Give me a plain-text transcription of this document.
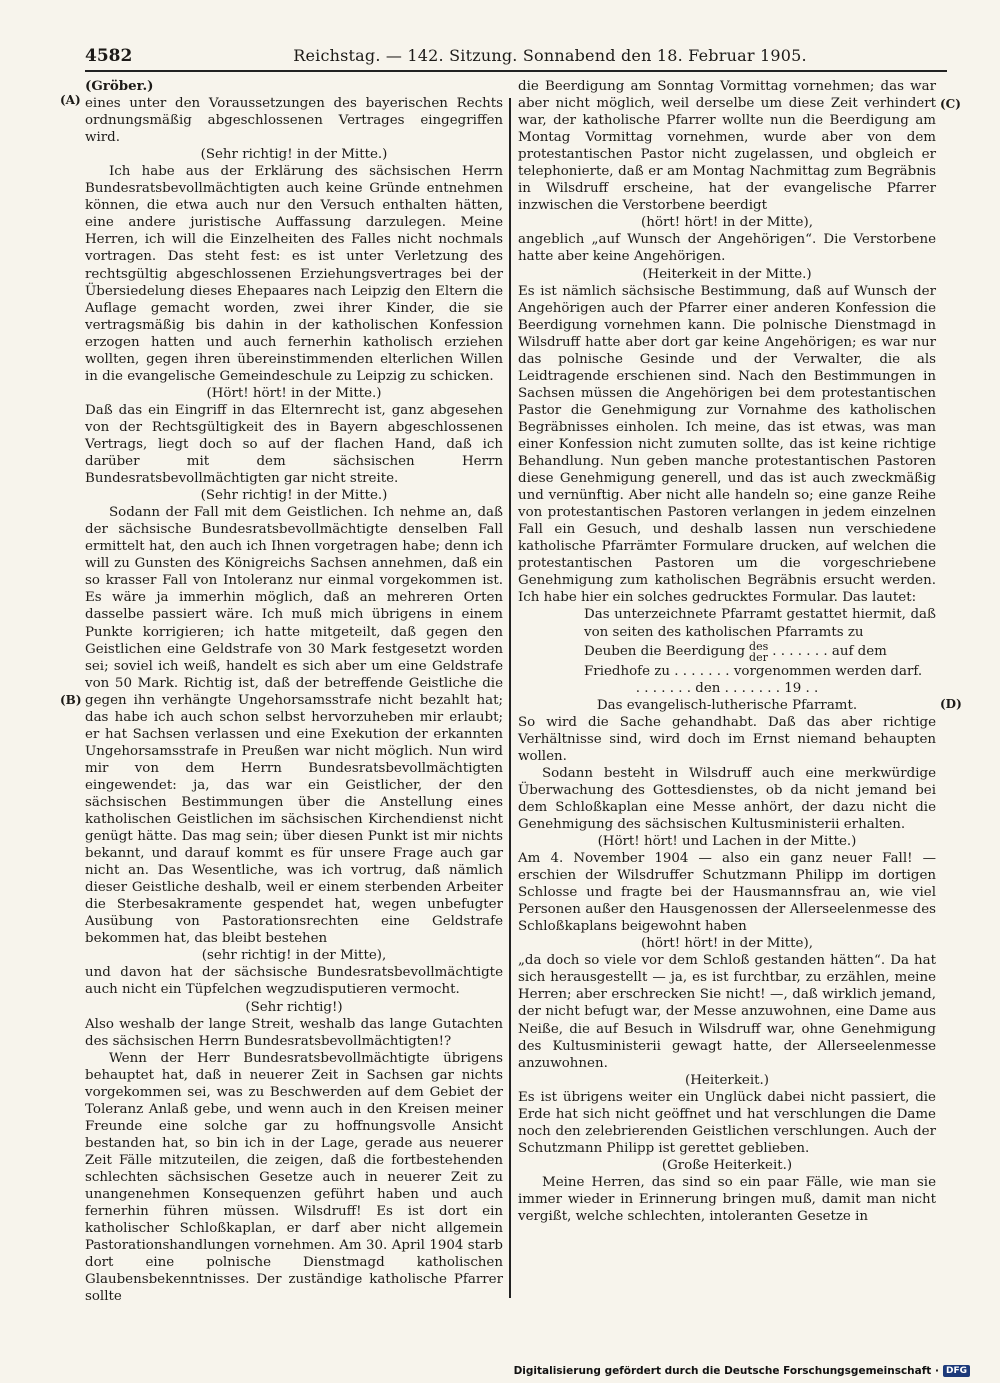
4582	Reichstag. — 142. Sitzung. Sonnabend den 18. Februar 1905.
(A)
(B)
(C)
(D)

(Gröber.)

eines unter den Voraussetzungen des bayerischen Rechts ordnungsmäßig abgeschlossenen Vertrages eingegriffen wird.

(Sehr richtig! in der Mitte.)

Ich habe aus der Erklärung des sächsischen Herrn Bundesratsbevollmächtigten auch keine Gründe entnehmen können, die etwa auch nur den Versuch enthalten hätten, eine andere juristische Auffassung darzulegen. Meine Herren, ich will die Einzelheiten des Falles nicht nochmals vortragen. Das steht fest: es ist unter Verletzung des rechtsgültig abgeschlossenen Erziehungsvertrages bei der Übersiedelung dieses Ehepaares nach Leipzig den Eltern die Auflage gemacht worden, zwei ihrer Kinder, die sie vertragsmäßig bis dahin in der katholischen Konfession erzogen hatten und auch fernerhin katholisch erziehen wollten, gegen ihren übereinstimmenden elterlichen Willen in die evangelische Gemeindeschule zu Leipzig zu schicken.

(Hört! hört! in der Mitte.)

Daß das ein Eingriff in das Elternrecht ist, ganz abgesehen von der Rechtsgültigkeit des in Bayern abgeschlossenen Vertrags, liegt doch so auf der flachen Hand, daß ich darüber mit dem sächsischen Herrn Bundesratsbevollmächtigten gar nicht streite.

(Sehr richtig! in der Mitte.)

Sodann der Fall mit dem Geistlichen. Ich nehme an, daß der sächsische Bundesratsbevollmächtigte denselben Fall ermittelt hat, den auch ich Ihnen vorgetragen habe; denn ich will zu Gunsten des Königreichs Sachsen annehmen, daß ein so krasser Fall von Intoleranz nur einmal vorgekommen ist. Es wäre ja immerhin möglich, daß an mehreren Orten dasselbe passiert wäre. Ich muß mich übrigens in einem Punkte korrigieren; ich hatte mitgeteilt, daß gegen den Geistlichen eine Geldstrafe von 30 Mark festgesetzt worden sei; soviel ich weiß, handelt es sich aber um eine Geldstrafe von 50 Mark. Richtig ist, daß der betreffende Geistliche die gegen ihn verhängte Ungehorsamsstrafe nicht bezahlt hat; das habe ich auch schon selbst hervorzuheben mir erlaubt; er hat Sachsen verlassen und eine Exekution der erkannten Ungehorsamsstrafe in Preußen war nicht möglich. Nun wird mir von dem Herrn Bundesratsbevollmächtigten eingewendet: ja, das war ein Geistlicher, der den sächsischen Bestimmungen über die Anstellung eines katholischen Geistlichen im sächsischen Kirchendienst nicht genügt hätte. Das mag sein; über diesen Punkt ist mir nichts bekannt, und darauf kommt es für unsere Frage auch gar nicht an. Das Wesentliche, was ich vortrug, daß nämlich dieser Geistliche deshalb, weil er einem sterbenden Arbeiter die Sterbesakramente gespendet hat, wegen unbefugter Ausübung von Pastorationsrechten eine Geldstrafe bekommen hat, das bleibt bestehen

(sehr richtig! in der Mitte),

und davon hat der sächsische Bundesratsbevollmächtigte auch nicht ein Tüpfelchen wegzudisputieren vermocht.

(Sehr richtig!)

Also weshalb der lange Streit, weshalb das lange Gutachten des sächsischen Herrn Bundesratsbevollmächtigten!?

Wenn der Herr Bundesratsbevollmächtigte übrigens behauptet hat, daß in neuerer Zeit in Sachsen gar nichts vorgekommen sei, was zu Beschwerden auf dem Gebiet der Toleranz Anlaß gebe, und wenn auch in den Kreisen meiner Freunde eine solche gar zu hoffnungsvolle Ansicht bestanden hat, so bin ich in der Lage, gerade aus neuerer Zeit Fälle mitzuteilen, die zeigen, daß die fortbestehenden schlechten sächsischen Gesetze auch in neuerer Zeit zu unangenehmen Konsequenzen geführt haben und auch fernerhin führen müssen. Wilsdruff! Es ist dort ein katholischer Schloßkaplan, er darf aber nicht allgemein Pastorationshandlungen vornehmen. Am 30. April 1904 starb dort eine polnische Dienstmagd katholischen Glaubensbekenntnisses. Der zuständige katholische Pfarrer sollte

die Beerdigung am Sonntag Vormittag vornehmen; das war aber nicht möglich, weil derselbe um diese Zeit verhindert war, der katholische Pfarrer wollte nun die Beerdigung am Montag Vormittag vornehmen, wurde aber von dem protestantischen Pastor nicht zugelassen, und obgleich er telephonierte, daß er am Montag Nachmittag zum Begräbnis in Wilsdruff erscheine, hat der evangelische Pfarrer inzwischen die Verstorbene beerdigt

(hört! hört! in der Mitte),

angeblich „auf Wunsch der Angehörigen“. Die Verstorbene hatte aber keine Angehörigen.

(Heiterkeit in der Mitte.)

Es ist nämlich sächsische Bestimmung, daß auf Wunsch der Angehörigen auch der Pfarrer einer anderen Konfession die Beerdigung vornehmen kann. Die polnische Dienstmagd in Wilsdruff hatte aber dort gar keine Angehörigen; es war nur das polnische Gesinde und der Verwalter, die als Leidtragende erschienen sind. Nach den Bestimmungen in Sachsen müssen die Angehörigen bei dem protestantischen Pastor die Genehmigung zur Vornahme des katholischen Begräbnisses einholen. Ich meine, das ist etwas, was man einer Konfession nicht zumuten sollte, das ist keine richtige Behandlung. Nun geben manche protestantischen Pastoren diese Genehmigung generell, und das ist auch zweckmäßig und vernünftig. Aber nicht alle handeln so; eine ganze Reihe von protestantischen Pastoren verlangen in jedem einzelnen Fall ein Gesuch, und deshalb lassen nun verschiedene katholische Pfarrämter Formulare drucken, auf welchen die protestantischen Pastoren um die vorgeschriebene Genehmigung zum katholischen Begräbnis ersucht werden. Ich habe hier ein solches gedrucktes Formular. Das lautet:

Das unterzeichnete Pfarramt gestattet hiermit, daß von seiten des katholischen Pfarramts zu

Deuben die Beerdigung des
der . . . . . . . auf dem

Friedhofe zu . . . . . . . vorgenommen werden darf.

. . . . . . . den . . . . . . . 19 . .

Das evangelisch-lutherische Pfarramt.

So wird die Sache gehandhabt. Daß das aber richtige Verhältnisse sind, wird doch im Ernst niemand behaupten wollen.

Sodann besteht in Wilsdruff auch eine merkwürdige Überwachung des Gottesdienstes, ob da nicht jemand bei dem Schloßkaplan eine Messe anhört, der dazu nicht die Genehmigung des sächsischen Kultusministerii erhalten.

(Hört! hört! und Lachen in der Mitte.)

Am 4. November 1904 — also ein ganz neuer Fall! — erschien der Wilsdruffer Schutzmann Philipp im dortigen Schlosse und fragte bei der Hausmannsfrau an, wie viel Personen außer den Hausgenossen der Allerseelenmesse des Schloßkaplans beigewohnt haben

(hört! hört! in der Mitte),

„da doch so viele vor dem Schloß gestanden hätten“. Da hat sich herausgestellt — ja, es ist furchtbar, zu erzählen, meine Herren; aber erschrecken Sie nicht! —, daß wirklich jemand, der nicht befugt war, der Messe anzuwohnen, eine Dame aus Neiße, die auf Besuch in Wilsdruff war, ohne Genehmigung des Kultusministerii gewagt hatte, der Allerseelenmesse anzuwohnen.

(Heiterkeit.)

Es ist übrigens weiter ein Unglück dabei nicht passiert, die Erde hat sich nicht geöffnet und hat verschlungen die Dame noch den zelebrierenden Geistlichen verschlungen. Auch der Schutzmann Philipp ist gerettet geblieben.

(Große Heiterkeit.)

Meine Herren, das sind so ein paar Fälle, wie man sie immer wieder in Erinnerung bringen muß, damit man nicht vergißt, welche schlechten, intoleranten Gesetze in

Digitalisierung gefördert durch die Deutsche Forschungsgemeinschaft · DFG
